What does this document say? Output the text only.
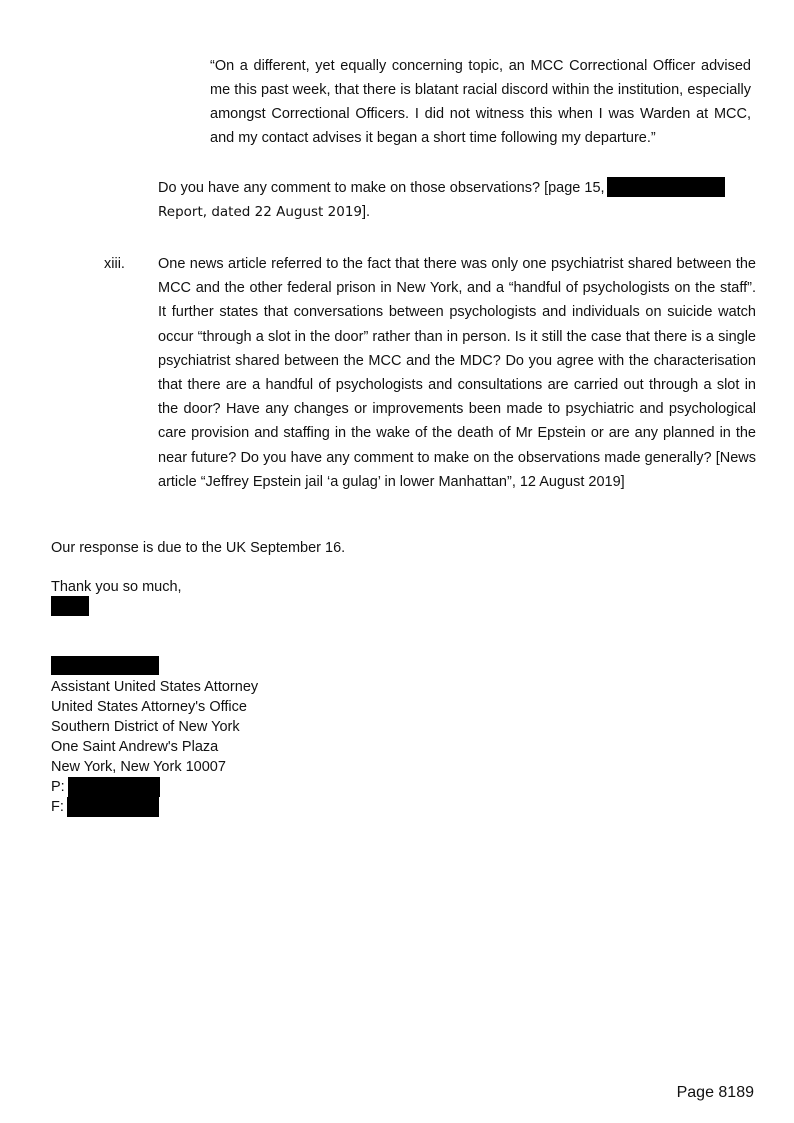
“On a different, yet equally concerning topic, an MCC Correctional Officer advised me this past week, that there is blatant racial discord within the institution, especially amongst Correctional Officers. I did not witness this when I was Warden at MCC, and my contact advises it began a short time following my departure.”
Do you have any comment to make on those observations? [page 15,
Report, dated 22 August 2019].
xiii. One news article referred to the fact that there was only one psychiatrist shared between the MCC and the other federal prison in New York, and a “handful of psychologists on the staff”. It further states that conversations between psychologists and individuals on suicide watch occur “through a slot in the door” rather than in person. Is it still the case that there is a single psychiatrist shared between the MCC and the MDC? Do you agree with the characterisation that there are a handful of psychologists and consultations are carried out through a slot in the door? Have any changes or improvements been made to psychiatric and psychological care provision and staffing in the wake of the death of Mr Epstein or are any planned in the near future? Do you have any comment to make on the observations made generally? [News article “Jeffrey Epstein jail ‘a gulag’ in lower Manhattan”, 12 August 2019]
Our response is due to the UK September 16.
Thank you so much,
Assistant United States Attorney
United States Attorney's Office
Southern District of New York
One Saint Andrew's Plaza
New York, New York 10007
P:
F:
Page 8189
